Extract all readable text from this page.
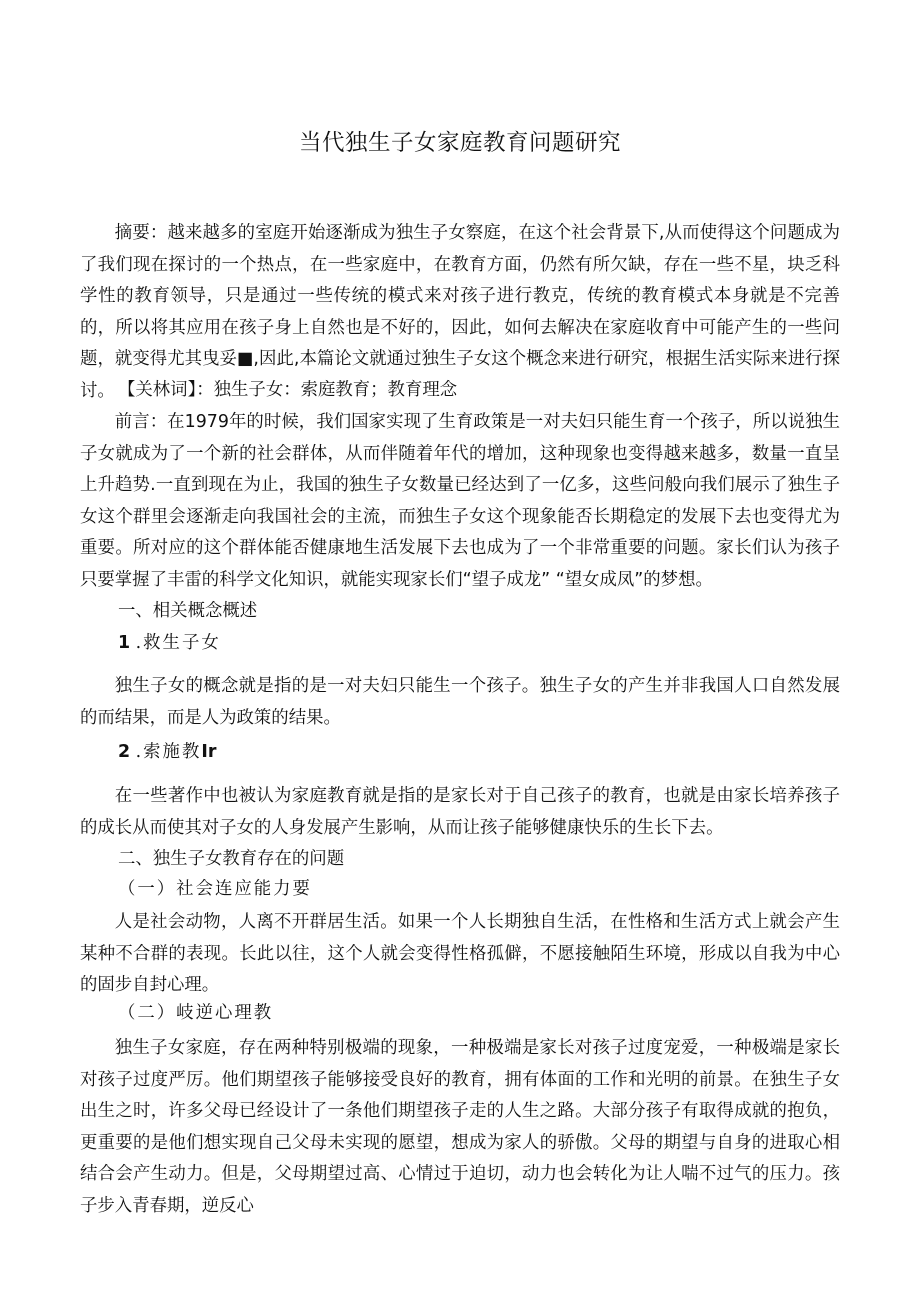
当代独生子女家庭教育问题研究
摘要：越来越多的室庭开始逐渐成为独生子女察庭，在这个社会背景下,从而使得这个问题成为了我们现在探讨的一个热点，在一些家庭中，在教育方面，仍然有所欠缺，存在一些不星，块乏科学性的教育领导，只是通过一些传统的模式来对孩子进行教克，传统的教育模式本身就是不完善的，所以将其应用在孩子身上自然也是不好的，因此，如何去解决在家庭收育中可能产生的一些问题，就变得尤其曳妥■,因此,本篇论文就通过独生子女这个概念来进行研究，根据生活实际来进行探讨。 【关林词】：独生子女：索庭教育；教育理念
前言：在1979年的时候，我们国家实现了生育政策是一对夫妇只能生育一个孩子，所以说独生子女就成为了一个新的社会群体，从而伴随着年代的增加，这种现象也变得越来越多，数量一直呈上升趋势.一直到现在为止，我国的独生子女数量已经达到了一亿多，这些问般向我们展示了独生子女这个群里会逐渐走向我国社会的主流，而独生子女这个现象能否长期稳定的发展下去也变得尤为重要。所对应的这个群体能否健康地生活发展下去也成为了一个非常重要的问题。家长们认为孩子只要掌握了丰雷的科学文化知识，就能实现家长们“望子成龙” “望女成凤”的梦想。
一、相关概念概述
1 .救生子女
独生子女的概念就是指的是一对夫妇只能生一个孩子。独生子女的产生并非我国人口自然发展的而结果，而是人为政策的结果。
2 .索施教Ir
在一些著作中也被认为家庭教育就是指的是家长对于自己孩子的教育，也就是由家长培养孩子的成长从而使其对子女的人身发展产生影响，从而让孩子能够健康快乐的生长下去。
二、独生子女教育存在的问题
（一）社会连应能力要
人是社会动物，人离不开群居生活。如果一个人长期独自生活，在性格和生活方式上就会产生某种不合群的表现。长此以往，这个人就会变得性格孤僻，不愿接触陌生环境，形成以自我为中心的固步自封心理。
（二）岐逆心理教
独生子女家庭，存在两种特别极端的现象，一种极端是家长对孩子过度宠爱，一种极端是家长对孩子过度严厉。他们期望孩子能够接受良好的教育，拥有体面的工作和光明的前景。在独生子女出生之时，许多父母已经设计了一条他们期望孩子走的人生之路。大部分孩子有取得成就的抱负，更重要的是他们想实现自己父母未实现的愿望，想成为家人的骄傲。父母的期望与自身的进取心相结合会产生动力。但是，父母期望过高、心情过于迫切，动力也会转化为让人喘不过气的压力。孩子步入青春期，逆反心
